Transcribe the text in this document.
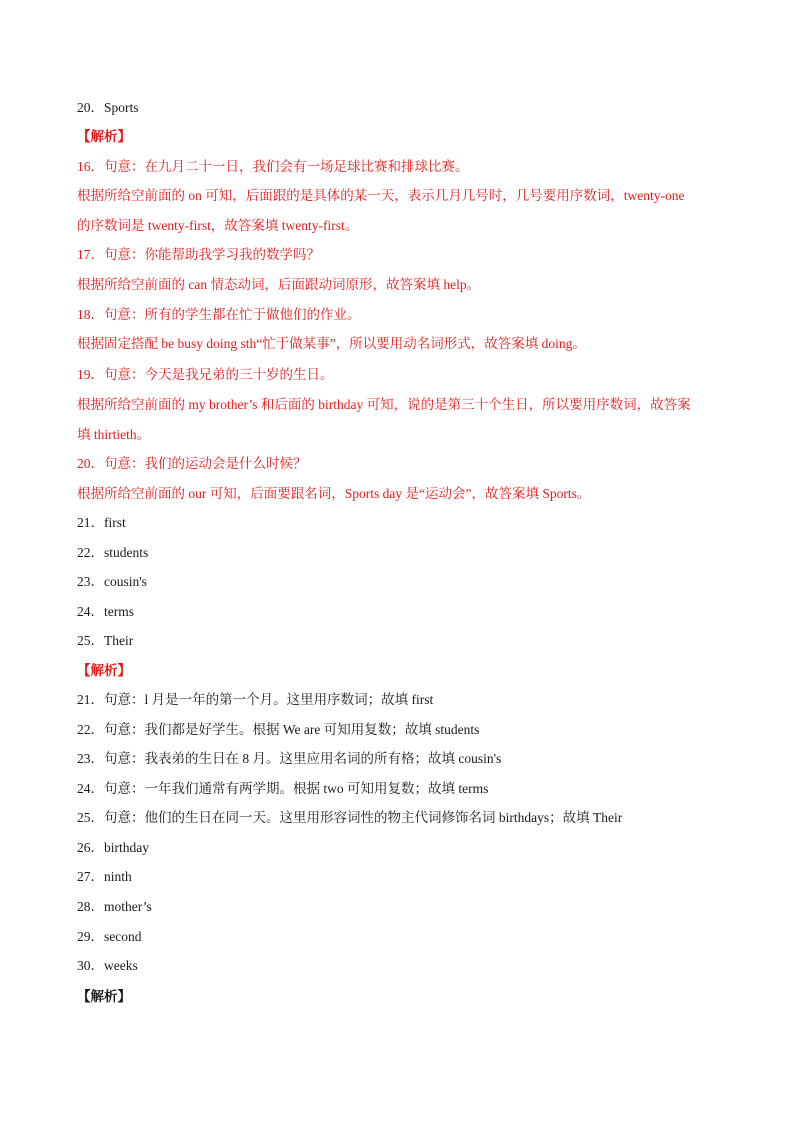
20．Sports
【解析】
16．句意：在九月二十一日，我们会有一场足球比赛和排球比赛。
根据所给空前面的 on 可知，后面跟的是具体的某一天，表示几月几号时，几号要用序数词，twenty-one
的序数词是 twenty-first，故答案填 twenty-first。
17．句意：你能帮助我学习我的数学吗？
根据所给空前面的 can 情态动词，后面跟动词原形，故答案填 help。
18．句意：所有的学生都在忙于做他们的作业。
根据固定搭配 be busy doing sth“忙于做某事”，所以要用动名词形式，故答案填 doing。
19．句意：今天是我兄弟的三十岁的生日。
根据所给空前面的 my brother’s 和后面的 birthday 可知，说的是第三十个生日，所以要用序数词，故答案
填 thirtieth。
20．句意：我们的运动会是什么时候？
根据所给空前面的 our 可知，后面要跟名词，Sports day 是“运动会”，故答案填 Sports。
21．first
22．students
23．cousin's
24．terms
25．Their
【解析】
21．句意：l 月是一年的第一个月。这里用序数词；故填 first
22．句意：我们都是好学生。根据 We are 可知用复数；故填 students
23．句意：我表弟的生日在 8 月。这里应用名词的所有格；故填 cousin's
24．句意：一年我们通常有两学期。根据 two 可知用复数；故填 terms
25．句意：他们的生日在同一天。这里用形容词性的物主代词修饰名词 birthdays；故填 Their
26．birthday
27．ninth
28．mother’s
29．second
30．weeks
【解析】
